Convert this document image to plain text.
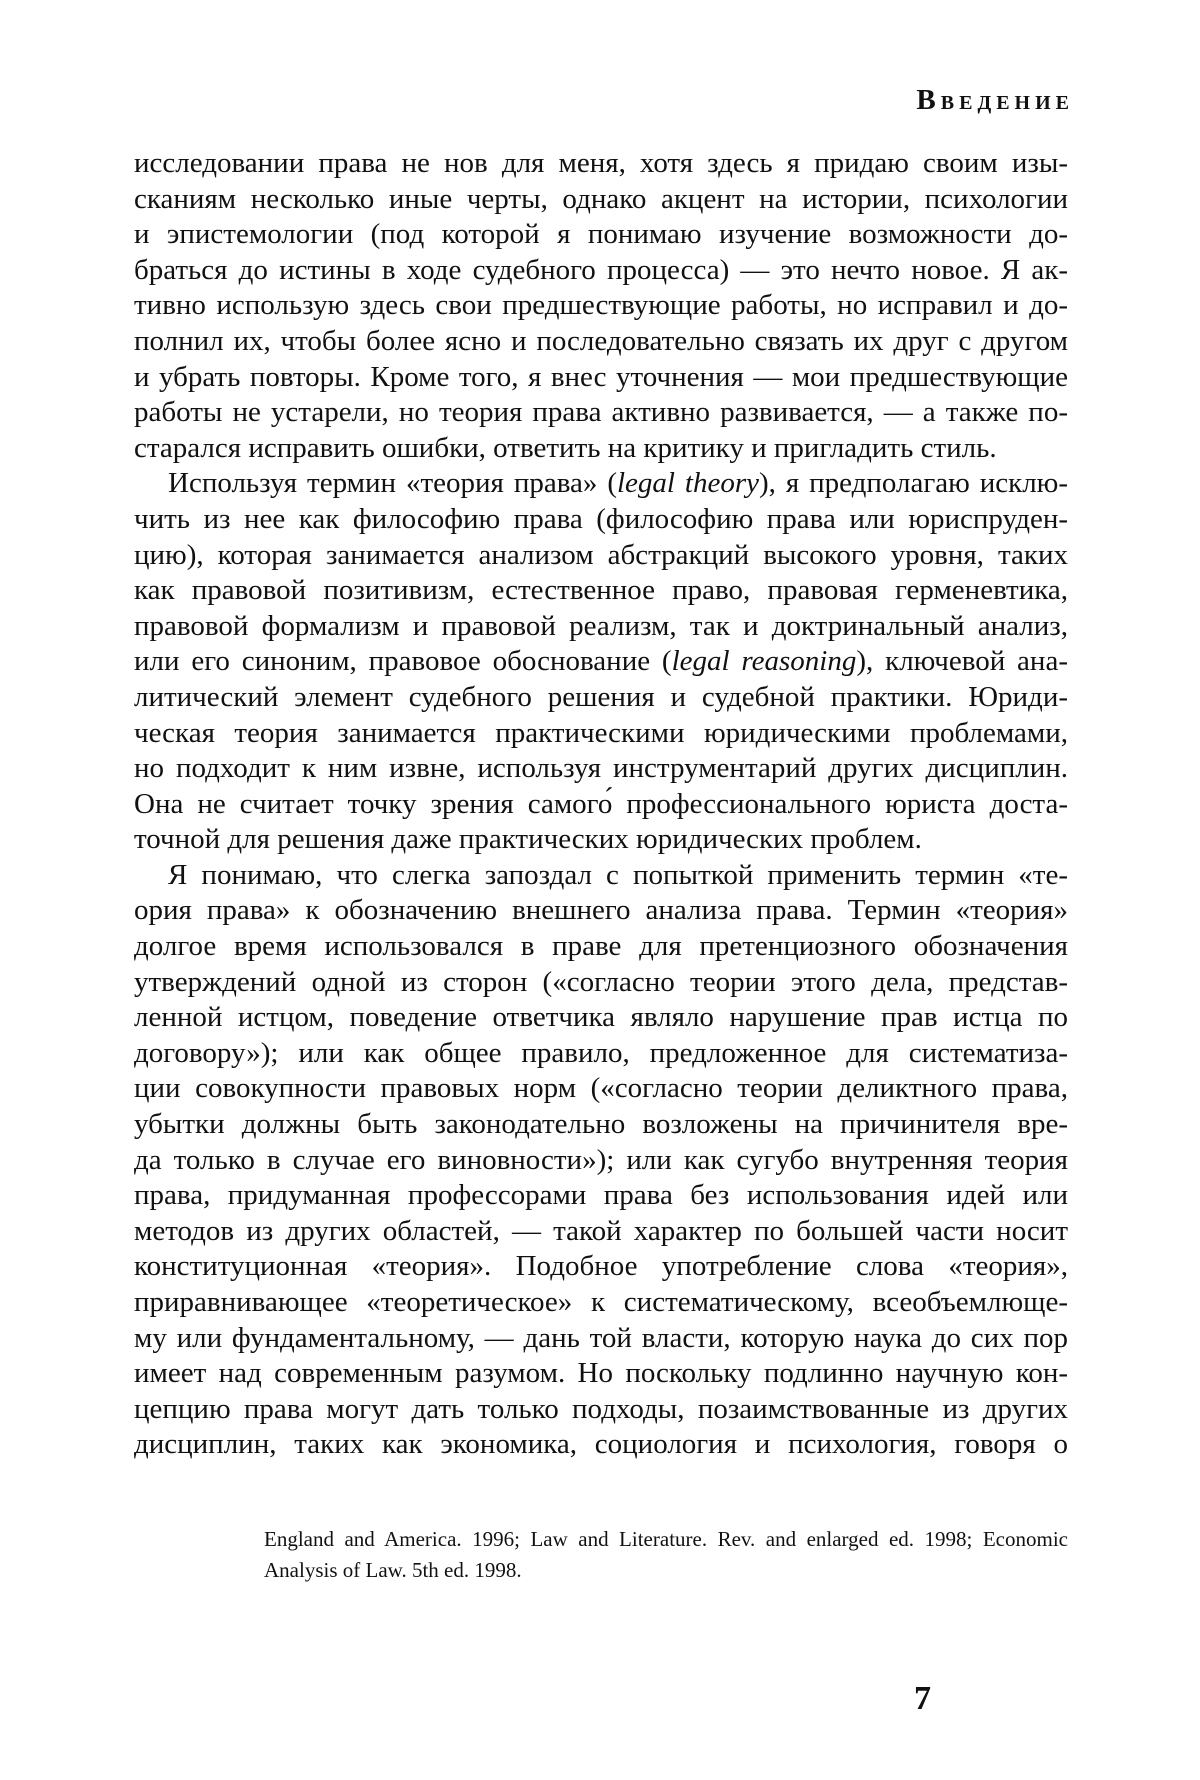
Введение

исследовании права не нов для меня, хотя здесь я придаю своим изы-
сканиям несколько иные черты, однако акцент на истории, психологии
и эпистемологии (под которой я понимаю изучение возможности до-
браться до истины в ходе судебного процесса) — это нечто новое. Я ак-
тивно использую здесь свои предшествующие работы, но исправил и до-
полнил их, чтобы более ясно и последовательно связать их друг с другом
и убрать повторы. Кроме того, я внес уточнения — мои предшествующие
работы не устарели, но теория права активно развивается, — а также по-
старался исправить ошибки, ответить на критику и пригладить стиль.

Используя термин «теория права» (legal theory), я предполагаю исклю-
чить из нее как философию права (философию права или юриспруден-
цию), которая занимается анализом абстракций высокого уровня, таких
как правовой позитивизм, естественное право, правовая герменевтика,
правовой формализм и правовой реализм, так и доктринальный анализ,
или его синоним, правовое обоснование (legal reasoning), ключевой ана-
литический элемент судебного решения и судебной практики. Юриди-
ческая теория занимается практическими юридическими проблемами,
но подходит к ним извне, используя инструментарий других дисциплин.
Она не считает точку зрения самого́ профессионального юриста доста-
точной для решения даже практических юридических проблем.

Я понимаю, что слегка запоздал с попыткой применить термин «те-
ория права» к обозначению внешнего анализа права. Термин «теория»
долгое время использовался в праве для претенциозного обозначения
утверждений одной из сторон («согласно теории этого дела, представ-
ленной истцом, поведение ответчика являло нарушение прав истца по
договору»); или как общее правило, предложенное для систематиза-
ции совокупности правовых норм («согласно теории деликтного права,
убытки должны быть законодательно возложены на причинителя вре-
да только в случае его виновности»); или как сугубо внутренняя теория
права, придуманная профессорами права без использования идей или
методов из других областей, — такой характер по большей части носит
конституционная «теория». Подобное употребление слова «теория»,
приравнивающее «теоретическое» к систематическому, всеобъемлюще-
му или фундаментальному, — дань той власти, которую наука до сих пор
имеет над современным разумом. Но поскольку подлинно научную кон-
цепцию права могут дать только подходы, позаимствованные из других
дисциплин, таких как экономика, социология и психология, говоря о

England and America. 1996; Law and Literature. Rev. and enlarged ed. 1998; Economic
Analysis of Law. 5th ed. 1998.
7
